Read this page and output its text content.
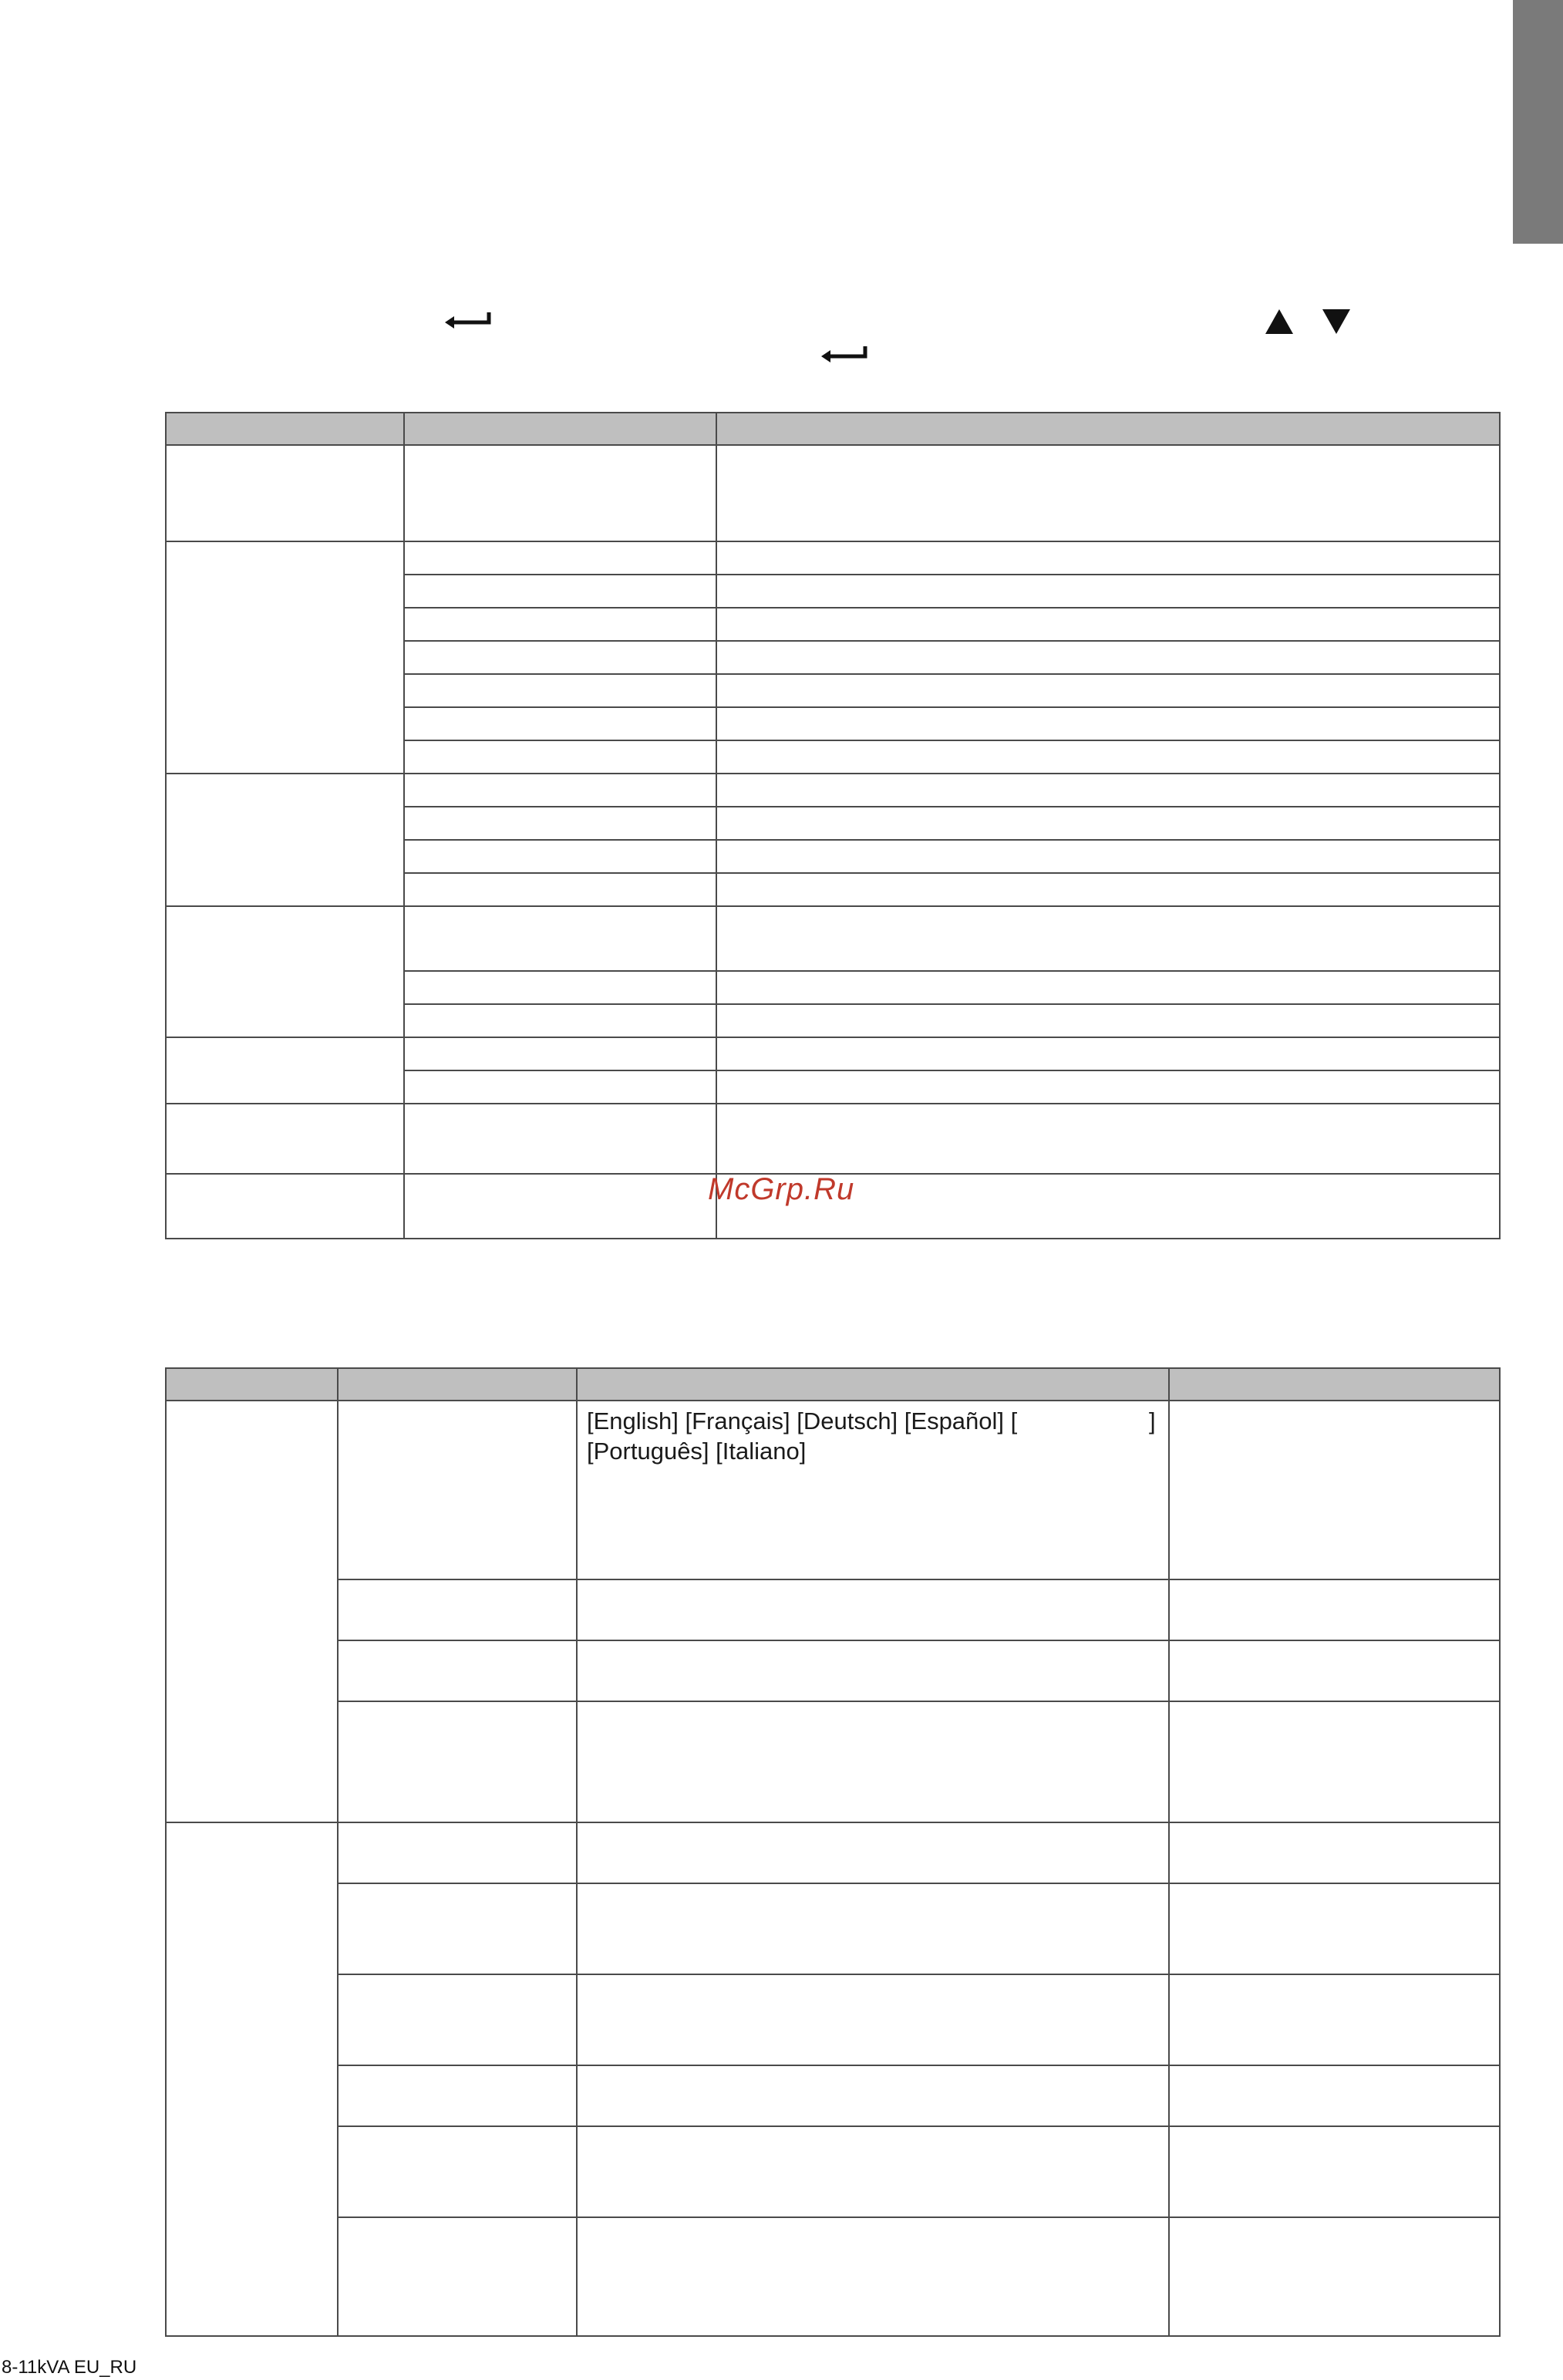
McGrp.Ru

		[English] [Français] [Deutsch] [Español] [ ]
[Português] [Italiano]	

8-11kVA EU_RU
